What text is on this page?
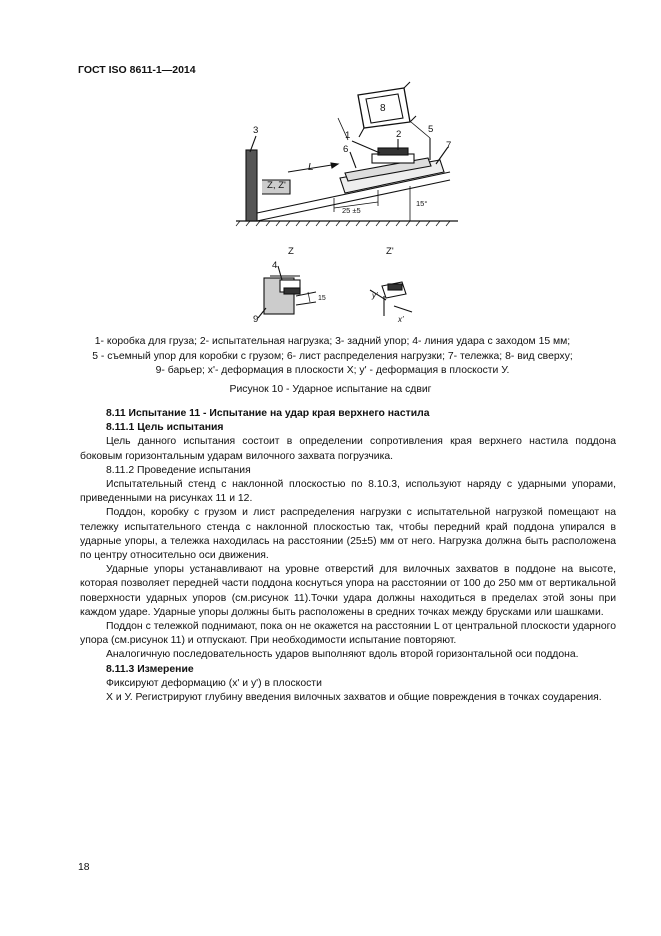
ГОСТ ISO 8611-1—2014
3
L
Z, Z'
25 ±5
15°
1	2	5
6	7
8
Z	Z'
4
9
15	y'
x'
1- коробка для груза; 2- испытательная нагрузка; 3- задний упор; 4- линия удара с заходом 15 мм;
5 - съемный упор для коробки с грузом; 6- лист распределения нагрузки; 7- тележка; 8- вид сверху;
9- барьер; x'- деформация в плоскости X; y' - деформация в плоскости У.
Рисунок 10 - Ударное испытание на сдвиг

8.11 Испытание 11 - Испытание на удар края верхнего настила

8.11.1 Цель испытания

Цель данного испытания состоит в определении сопротивления края верхнего настила поддона боковым горизонтальным ударам вилочного захвата погрузчика.

8.11.2 Проведение испытания

Испытательный стенд с наклонной плоскостью по 8.10.3, используют наряду с ударными упорами, приведенными на рисунках 11 и 12.

Поддон, коробку с грузом и лист распределения нагрузки с испытательной нагрузкой помещают на тележку испытательного стенда с наклонной плоскостью так, чтобы передний край поддона упирался в ударные упоры, а тележка находилась на расстоянии (25±5) мм от него. Нагрузка должна быть расположена по центру относительно оси движения.

Ударные упоры устанавливают на уровне отверстий для вилочных захватов в поддоне на высоте, которая позволяет передней части поддона коснуться упора на расстоянии от 100 до 250 мм от вертикальной поверхности ударных упоров (см.рисунок 11).Точки удара должны находиться в пределах этой зоны при каждом ударе. Ударные упоры должны быть расположены в средних точках между брусками или шашками.

Поддон с тележкой поднимают, пока он не окажется на расстоянии L от центральной плоскости ударного упора (см.рисунок 11) и отпускают. При необходимости испытание повторяют.

Аналогичную последовательность ударов выполняют вдоль второй горизонтальной оси поддона.

8.11.3 Измерение

Фиксируют деформацию (x' и y') в плоскости

X и У. Регистрируют глубину введения вилочных захватов и общие повреждения в точках соударения.

18
